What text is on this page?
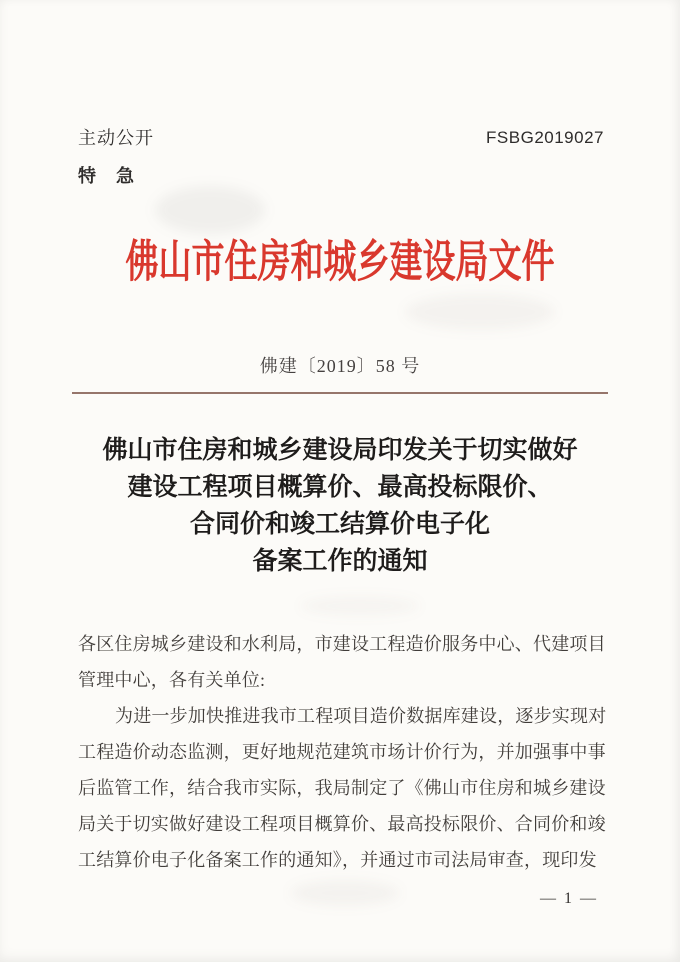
主动公开
特　急
FSBG2019027
佛山市住房和城乡建设局文件
佛建〔2019〕58 号
佛山市住房和城乡建设局印发关于切实做好
建设工程项目概算价、最高投标限价、
合同价和竣工结算价电子化
备案工作的通知
各区住房城乡建设和水利局，市建设工程造价服务中心、代建项目
管理中心，各有关单位:
为进一步加快推进我市工程项目造价数据库建设，逐步实现对
工程造价动态监测，更好地规范建筑市场计价行为，并加强事中事
后监管工作，结合我市实际，我局制定了《佛山市住房和城乡建设
局关于切实做好建设工程项目概算价、最高投标限价、合同价和竣
工结算价电子化备案工作的通知》，并通过市司法局审查，现印发
— 1 —
